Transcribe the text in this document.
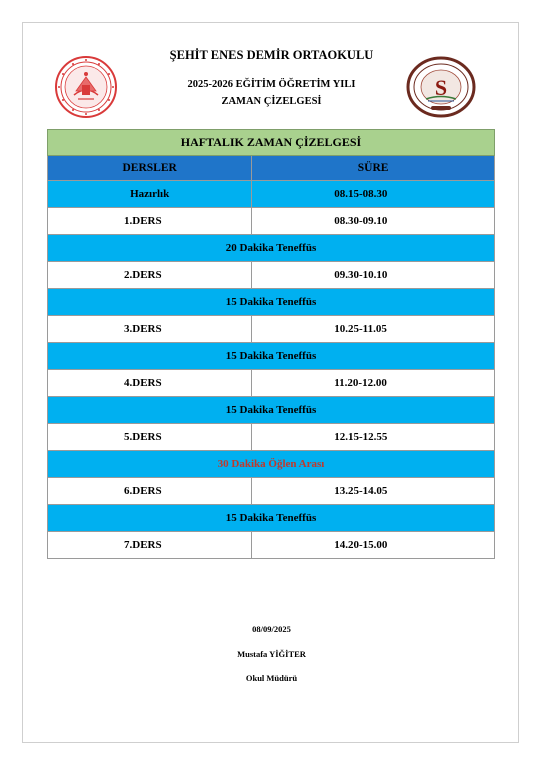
S
ŞEHİT ENES DEMİR ORTAOKULU
2025-2026 EĞİTİM ÖĞRETİM YILI
ZAMAN ÇİZELGESİ
HAFTALIK ZAMAN ÇİZELGESİ	
DERSLER	SÜRE
Hazırlık	08.15-08.30
1.DERS	08.30-09.10
20 Dakika Teneffüs	
2.DERS	09.30-10.10
15 Dakika Teneffüs	
3.DERS	10.25-11.05
15 Dakika Teneffüs	
4.DERS	11.20-12.00
15 Dakika Teneffüs	
5.DERS	12.15-12.55
30 Dakika Öğlen Arası	
6.DERS	13.25-14.05
15 Dakika Teneffüs	
7.DERS	14.20-15.00
08/09/2025
Mustafa YİĞİTER
Okul Müdürü
